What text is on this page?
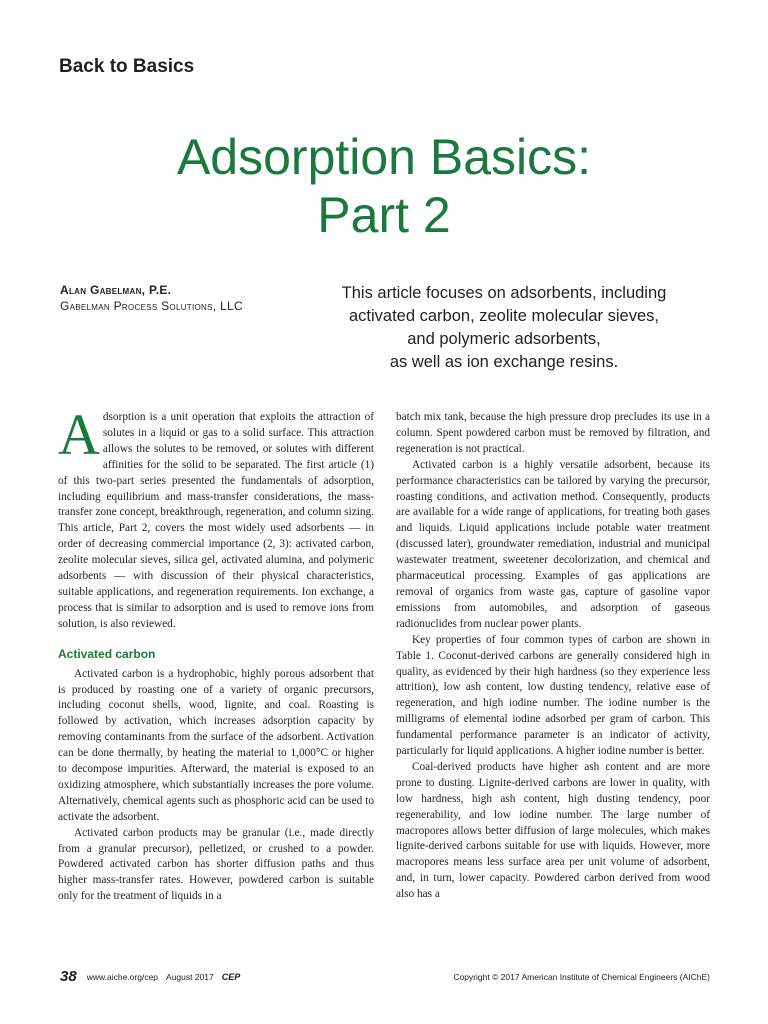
Back to Basics
Adsorption Basics:
Part 2
Alan Gabelman, P.E.
Gabelman Process Solutions, LLC
This article focuses on adsorbents, including
activated carbon, zeolite molecular sieves,
and polymeric adsorbents,
as well as ion exchange resins.

Adsorption is a unit operation that exploits the attraction of solutes in a liquid or gas to a solid surface. This attraction allows the solutes to be removed, or solutes with different affinities for the solid to be separated. The first article (1) of this two-part series presented the fundamentals of adsorption, including equilibrium and mass-transfer considerations, the mass-transfer zone concept, breakthrough, regeneration, and column sizing. This article, Part 2, covers the most widely used adsorbents — in order of decreasing commercial importance (2, 3): activated carbon, zeolite molecular sieves, silica gel, activated alumina, and polymeric adsorbents — with discussion of their physical characteristics, suitable applications, and regeneration requirements. Ion exchange, a process that is similar to adsorption and is used to remove ions from solution, is also reviewed.

Activated carbon

Activated carbon is a hydrophobic, highly porous adsorbent that is produced by roasting one of a variety of organic precursors, including coconut shells, wood, lignite, and coal. Roasting is followed by activation, which increases adsorption capacity by removing contaminants from the surface of the adsorbent. Activation can be done thermally, by heating the material to 1,000°C or higher to decompose impurities. Afterward, the material is exposed to an oxidizing atmosphere, which substantially increases the pore volume. Alternatively, chemical agents such as phosphoric acid can be used to activate the adsorbent.

Activated carbon products may be granular (i.e., made directly from a granular precursor), pelletized, or crushed to a powder. Powdered activated carbon has shorter diffusion paths and thus higher mass-transfer rates. However, powdered carbon is suitable only for the treatment of liquids in a

batch mix tank, because the high pressure drop precludes its use in a column. Spent powdered carbon must be removed by filtration, and regeneration is not practical.

Activated carbon is a highly versatile adsorbent, because its performance characteristics can be tailored by varying the precursor, roasting conditions, and activation method. Consequently, products are available for a wide range of applications, for treating both gases and liquids. Liquid applications include potable water treatment (discussed later), groundwater remediation, industrial and municipal wastewater treatment, sweetener decolorization, and chemical and pharmaceutical processing. Examples of gas applications are removal of organics from waste gas, capture of gasoline vapor emissions from automobiles, and adsorption of gaseous radionuclides from nuclear power plants.

Key properties of four common types of carbon are shown in Table 1. Coconut-derived carbons are generally considered high in quality, as evidenced by their high hardness (so they experience less attrition), low ash content, low dusting tendency, relative ease of regeneration, and high iodine number. The iodine number is the milligrams of elemental iodine adsorbed per gram of carbon. This fundamental performance parameter is an indicator of activity, particularly for liquid applications. A higher iodine number is better.

Coal-derived products have higher ash content and are more prone to dusting. Lignite-derived carbons are lower in quality, with low hardness, high ash content, high dusting tendency, poor regenerability, and low iodine number. The large number of macropores allows better diffusion of large molecules, which makes lignite-derived carbons suitable for use with liquids. However, more macropores means less surface area per unit volume of adsorbent, and, in turn, lower capacity. Powdered carbon derived from wood also has a

38 www.aiche.org/cep August 2017 CEP	Copyright © 2017 American Institute of Chemical Engineers (AIChE)
